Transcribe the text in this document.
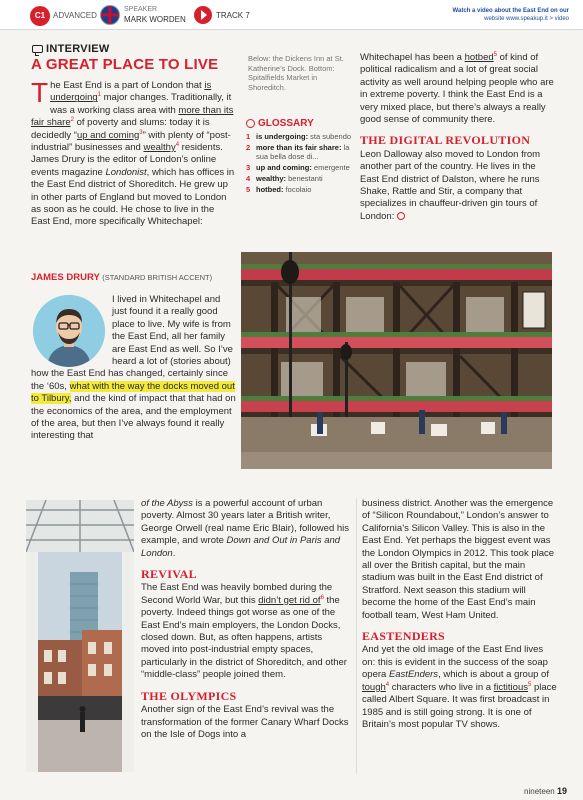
C1 ADVANCED
SPEAKER
MARK WORDEN	TRACK 7	Watch a video about the East End on our
website www.speakup.it > video
INTERVIEW
A GREAT PLACE TO LIVE
The East End is a part of London that is undergoing$^1$ major changes. Traditionally, it was a working class area with more than its fair share$^2$ of poverty and slums: today it is decidedly “up and coming$^3$” with plenty of “post-industrial” businesses and wealthy$^4$ residents. James Drury is the editor of London’s online events magazine Londonist, which has offices in the East End district of Shoreditch. He grew up in other parts of England but moved to London as soon as he could. He chose to live in the East End, more specifically Whitechapel:
Below: the Dickens Inn at St. Katherine’s Dock. Bottom: Spitalfields Market in Shoreditch.
GLOSSARY
1 is undergoing: sta subendo
2 more than its fair share: la sua bella dose di...
3 up and coming: emergente
4 wealthy: benestanti
5 hotbed: focolaio
Whitechapel has been a hotbed$^5$ of kind of political radicalism and a lot of great social activity as well around helping people who are in extreme poverty. I think the East End is a very mixed place, but there’s always a really good sense of community there.
THE DIGITAL REVOLUTION
Leon Dalloway also moved to London from another part of the country. He lives in the East End district of Dalston, where he runs Shake, Rattle and Stir, a company that specializes in chauffeur-driven gin tours of London:
JAMES DRURY (STANDARD BRITISH ACCENT)
I lived in Whitechapel and just found it a really good place to live. My wife is from the East End, all her family are East End as well. So I’ve heard a lot of (stories about) how the East End has changed, certainly since the ‘60s, what with the way the docks moved out to Tilbury, and the kind of impact that that had on the economics of the area, and the employment of the area, but then I’ve always found it really interesting that
of the Abyss is a powerful account of urban poverty. Almost 30 years later a British writer, George Orwell (real name Eric Blair), followed his example, and wrote Down and Out in Paris and London.
REVIVAL
The East End was heavily bombed during the Second World War, but this didn’t get rid $of^6$ the poverty. Indeed things got worse as one of the East End’s main employers, the London Docks, closed down. But, as often happens, artists moved into post-industrial empty spaces, particularly in the district of Shoreditch, and other “middle-class” people joined them.
THE OLYMPICS
Another sign of the East End’s revival was the transformation of the former Canary Wharf Docks on the Isle of Dogs into a
business district. Another was the emergence of “Silicon Roundabout,” London’s answer to California’s Silicon Valley. This is also in the East End. Yet perhaps the biggest event was the London Olympics in 2012. This took place all over the British capital, but the main stadium was built in the East End district of Stratford. Next season this stadium will become the home of the East End’s main football team, West Ham United.
EASTENDERS
And yet the old image of the East End lives on: this is evident in the success of the soap opera EastEnders, which is about a group of tough$^4$ characters who live in a fictitious$^5$ place called Albert Square. It was first broadcast in 1985 and is still going strong. It is one of Britain’s most popular TV shows.
nineteen 19
